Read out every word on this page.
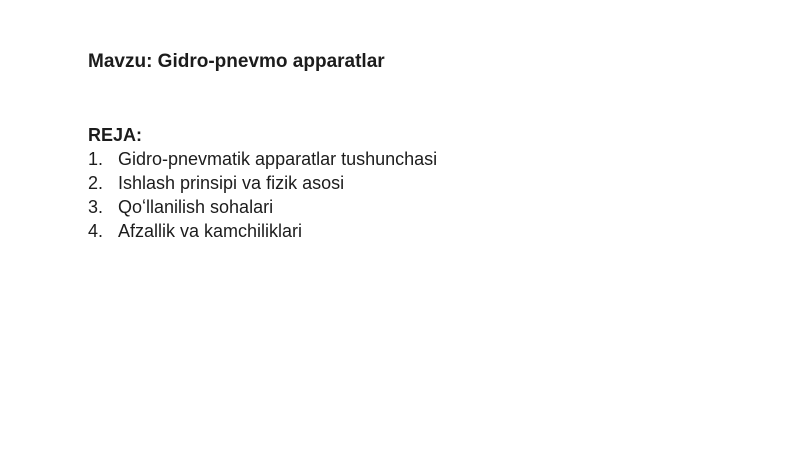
Mavzu: Gidro-pnevmo apparatlar
REJA:
1. Gidro-pnevmatik apparatlar tushunchasi
2. Ishlash prinsipi va fizik asosi
3. Qoʻllanilish sohalari
4. Afzallik va kamchiliklari
